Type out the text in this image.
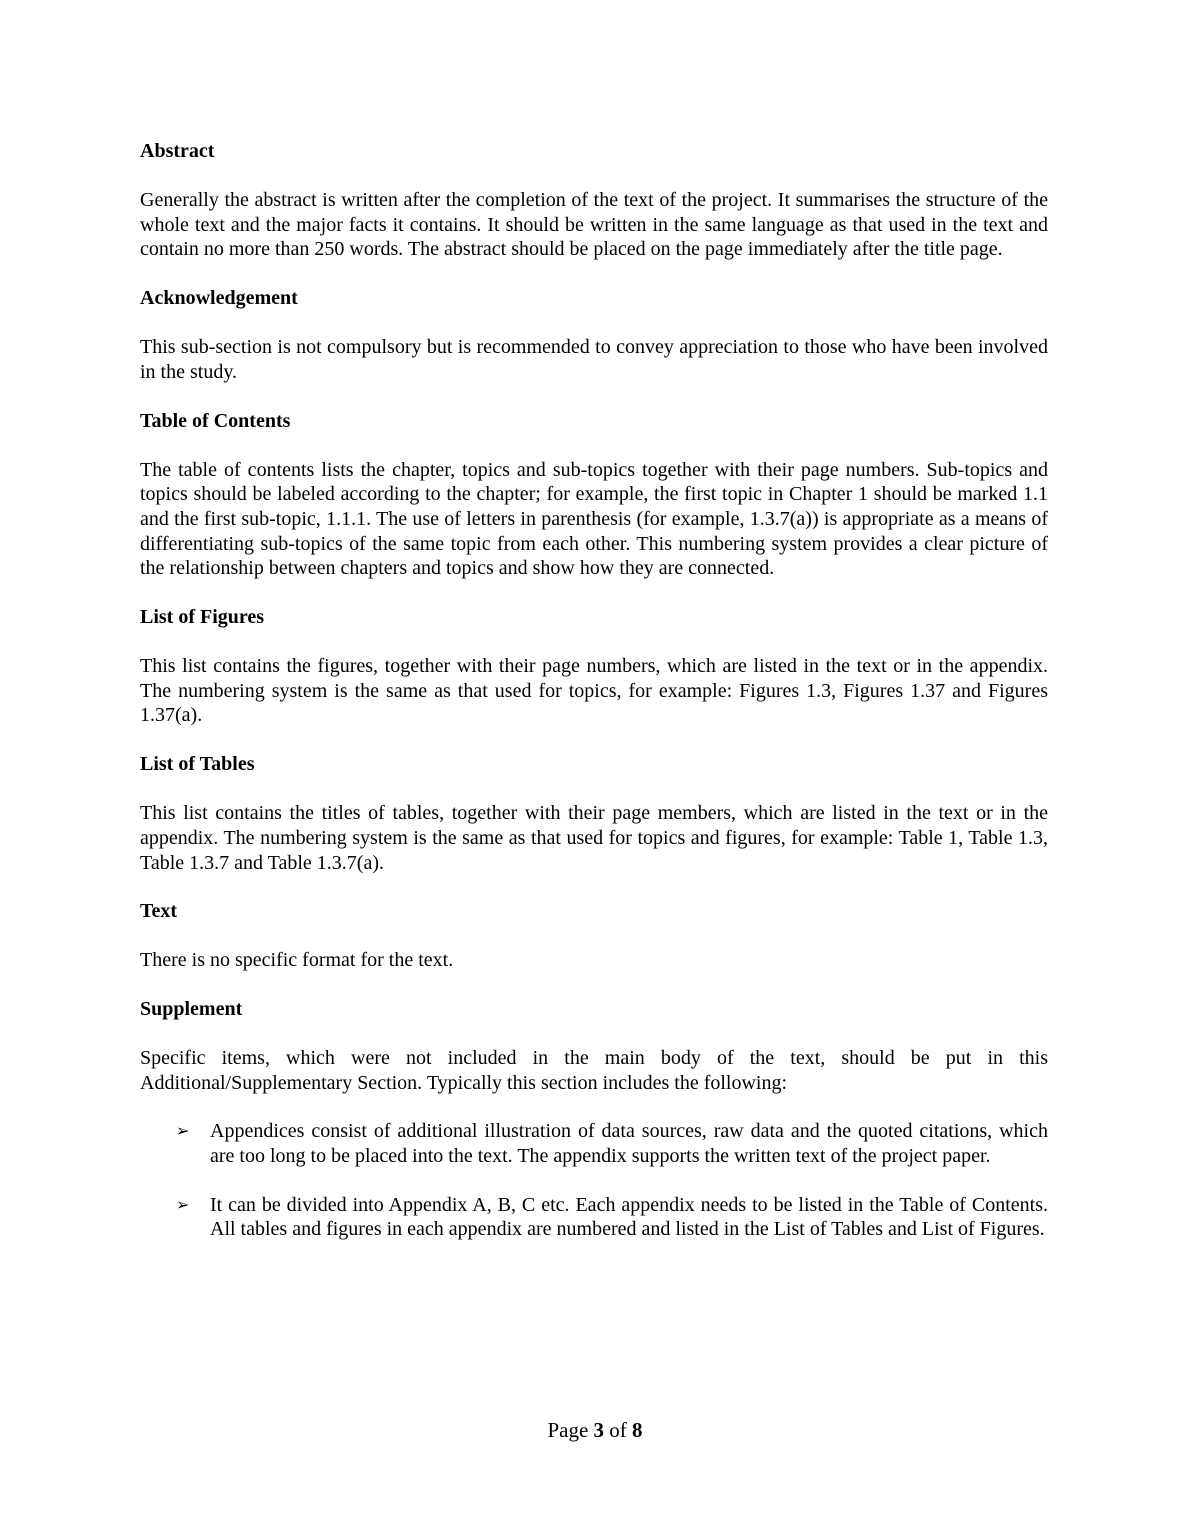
Abstract

Generally the abstract is written after the completion of the text of the project. It summarises the structure of the whole text and the major facts it contains. It should be written in the same language as that used in the text and contain no more than 250 words. The abstract should be placed on the page immediately after the title page.

Acknowledgement

This sub-section is not compulsory but is recommended to convey appreciation to those who have been involved in the study.

Table of Contents

The table of contents lists the chapter, topics and sub-topics together with their page numbers. Sub-topics and topics should be labeled according to the chapter; for example, the first topic in Chapter 1 should be marked 1.1 and the first sub-topic, 1.1.1. The use of letters in parenthesis (for example, 1.3.7(a)) is appropriate as a means of differentiating sub-topics of the same topic from each other. This numbering system provides a clear picture of the relationship between chapters and topics and show how they are connected.

List of Figures

This list contains the figures, together with their page numbers, which are listed in the text or in the appendix. The numbering system is the same as that used for topics, for example: Figures 1.3, Figures 1.37 and Figures 1.37(a).

List of Tables

This list contains the titles of tables, together with their page members, which are listed in the text or in the appendix. The numbering system is the same as that used for topics and figures, for example: Table 1, Table 1.3, Table 1.3.7 and Table 1.3.7(a).

Text

There is no specific format for the text.

Supplement

Specific items, which were not included in the main body of the text, should be put in this Additional/Supplementary Section. Typically this section includes the following:

➢ Appendices consist of additional illustration of data sources, raw data and the quoted citations, which are too long to be placed into the text. The appendix supports the written text of the project paper.
➢ It can be divided into Appendix A, B, C etc. Each appendix needs to be listed in the Table of Contents. All tables and figures in each appendix are numbered and listed in the List of Tables and List of Figures.
Page 3 of 8
